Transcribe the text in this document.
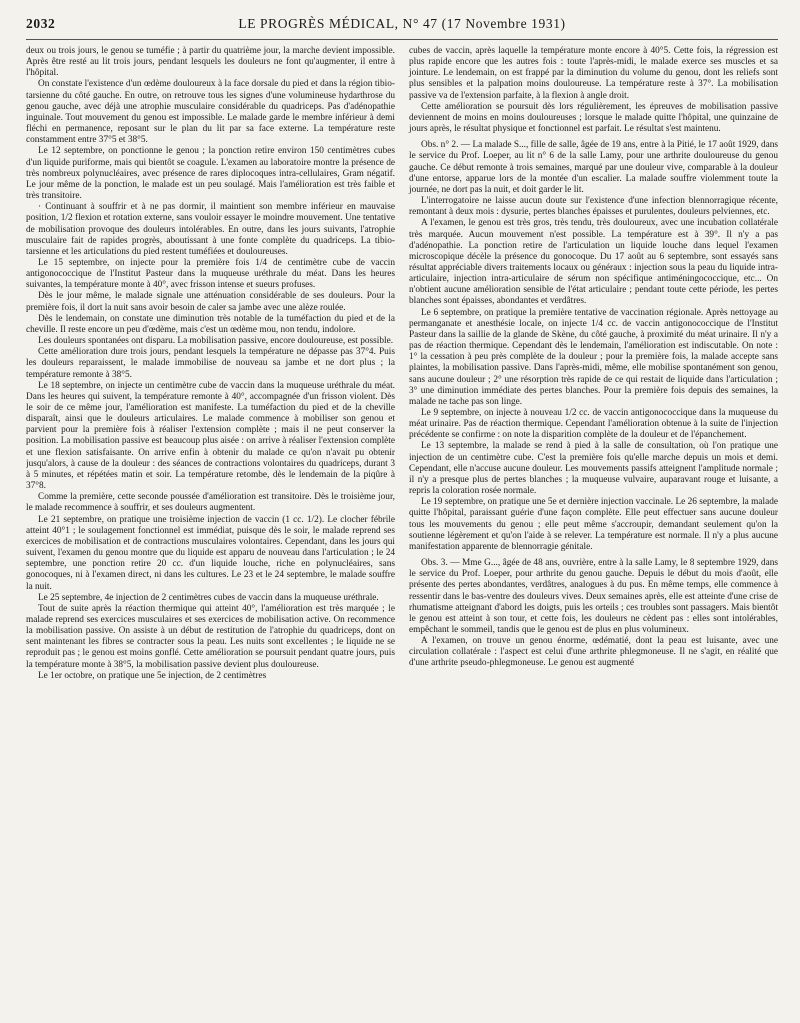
2032	LE PROGRÈS MÉDICAL, N° 47 (17 Novembre 1931)

deux ou trois jours, le genou se tuméfie ; à partir du quatrième jour, la marche devient impossible. Après être resté au lit trois jours, pendant lesquels les douleurs ne font qu'augmenter, il entre à l'hôpital.

On constate l'existence d'un œdème douloureux à la face dorsale du pied et dans la région tibio-tarsienne du côté gauche. En outre, on retrouve tous les signes d'une volumineuse hydarthrose du genou gauche, avec déjà une atrophie musculaire considérable du quadriceps. Pas d'adénopathie inguinale. Tout mouvement du genou est impossible. Le malade garde le membre inférieur à demi fléchi en permanence, reposant sur le plan du lit par sa face externe. La température reste constamment entre 37°5 et 38°5.

Le 12 septembre, on ponctionne le genou ; la ponction retire environ 150 centimètres cubes d'un liquide puriforme, mais qui bientôt se coagule. L'examen au laboratoire montre la présence de très nombreux polynucléaires, avec présence de rares diplocoques intra-cellulaires, Gram négatif. Le jour même de la ponction, le malade est un peu soulagé. Mais l'amélioration est très faible et très transitoire.

· Continuant à souffrir et à ne pas dormir, il maintient son membre inférieur en mauvaise position, 1/2 flexion et rotation externe, sans vouloir essayer le moindre mouvement. Une tentative de mobilisation provoque des douleurs intolérables. En outre, dans les jours suivants, l'atrophie musculaire fait de rapides progrès, aboutissant à une fonte complète du quadriceps. La tibio-tarsienne et les articulations du pied restent tuméfiées et douloureuses.

Le 15 septembre, on injecte pour la première fois 1/4 de centimètre cube de vaccin antigonococcique de l'Institut Pasteur dans la muqueuse uréthrale du méat. Dans les heures suivantes, la température monte à 40°, avec frisson intense et sueurs profuses.

Dès le jour même, le malade signale une atténuation considérable de ses douleurs. Pour la première fois, il dort la nuit sans avoir besoin de caler sa jambe avec une alèze roulée.

Dès le lendemain, on constate une diminution très notable de la tuméfaction du pied et de la cheville. Il reste encore un peu d'œdème, mais c'est un œdème mou, non tendu, indolore.

Les douleurs spontanées ont disparu. La mobilisation passive, encore douloureuse, est possible.

Cette amélioration dure trois jours, pendant lesquels la température ne dépasse pas 37°4. Puis les douleurs reparaissent, le malade immobilise de nouveau sa jambe et ne dort plus ; la température remonte à 38°5.

Le 18 septembre, on injecte un centimètre cube de vaccin dans la muqueuse uréthrale du méat. Dans les heures qui suivent, la température remonte à 40°, accompagnée d'un frisson violent. Dès le soir de ce même jour, l'amélioration est manifeste. La tuméfaction du pied et de la cheville disparaît, ainsi que le douleurs articulaires. Le malade commence à mobiliser son genou et parvient pour la première fois à réaliser l'extension complète ; mais il ne peut conserver la position. La mobilisation passive est beaucoup plus aisée : on arrive à réaliser l'extension complète et une flexion satisfaisante. On arrive enfin à obtenir du malade ce qu'on n'avait pu obtenir jusqu'alors, à cause de la douleur : des séances de contractions volontaires du quadriceps, durant 3 à 5 minutes, et répétées matin et soir. La température retombe, dès le lendemain de la piqûre à 37°8.

Comme la première, cette seconde poussée d'amélioration est transitoire. Dès le troisième jour, le malade recommence à souffrir, et ses douleurs augmentent.

Le 21 septembre, on pratique une troisième injection de vaccin (1 cc. 1/2). Le clocher fébrile atteint 40°1 ; le soulagement fonctionnel est immédiat, puisque dès le soir, le malade reprend ses exercices de mobilisation et de contractions musculaires volontaires. Cependant, dans les jours qui suivent, l'examen du genou montre que du liquide est apparu de nouveau dans l'articulation ; le 24 septembre, une ponction retire 20 cc. d'un liquide louche, riche en polynucléaires, sans gonocoques, ni à l'examen direct, ni dans les cultures. Le 23 et le 24 septembre, le malade souffre la nuit.

Le 25 septembre, 4e injection de 2 centimètres cubes de vaccin dans la muqueuse uréthrale.

Tout de suite après la réaction thermique qui atteint 40°, l'amélioration est très marquée ; le malade reprend ses exercices musculaires et ses exercices de mobilisation active. On recommence la mobilisation passive. On assiste à un début de restitution de l'atrophie du quadriceps, dont on sent maintenant les fibres se contracter sous la peau. Les nuits sont excellentes ; le liquide ne se reproduit pas ; le genou est moins gonflé. Cette amélioration se poursuit pendant quatre jours, puis la température monte à 38°5, la mobilisation passive devient plus douloureuse.

Le 1er octobre, on pratique une 5e injection, de 2 centimètres

cubes de vaccin, après laquelle la température monte encore à 40°5. Cette fois, la régression est plus rapide encore que les autres fois : toute l'après-midi, le malade exerce ses muscles et sa jointure. Le lendemain, on est frappé par la diminution du volume du genou, dont les reliefs sont plus sensibles et la palpation moins douloureuse. La température reste à 37°. La mobilisation passive va de l'extension parfaite, à la flexion à angle droit.

Cette amélioration se poursuit dès lors régulièrement, les épreuves de mobilisation passive deviennent de moins en moins douloureuses ; lorsque le malade quitte l'hôpital, une quinzaine de jours après, le résultat physique et fonctionnel est parfait. Le résultat s'est maintenu.

Obs. n° 2. — La malade S..., fille de salle, âgée de 19 ans, entre à la Pitié, le 17 août 1929, dans le service du Prof. Loeper, au lit n° 6 de la salle Lamy, pour une arthrite douloureuse du genou gauche. Ce début remonte à trois semaines, marqué par une douleur vive, comparable à la douleur d'une entorse, apparue lors de la montée d'un escalier. La malade souffre violemment toute la journée, ne dort pas la nuit, et doit garder le lit.

L'interrogatoire ne laisse aucun doute sur l'existence d'une infection blennorragique récente, remontant à deux mois : dysurie, pertes blanches épaisses et purulentes, douleurs pelviennes, etc.

A l'examen, le genou est très gros, très tendu, très douloureux, avec une incubation collatérale très marquée. Aucun mouvement n'est possible. La température est à 39°. Il n'y a pas d'adénopathie. La ponction retire de l'articulation un liquide louche dans lequel l'examen microscopique décèle la présence du gonocoque. Du 17 août au 6 septembre, sont essayés sans résultat appréciable divers traitements locaux ou généraux : injection sous la peau du liquide intra-articulaire, injection intra-articulaire de sérum non spécifique antiméningococcique, etc... On n'obtient aucune amélioration sensible de l'état articulaire ; pendant toute cette période, les pertes blanches sont épaisses, abondantes et verdâtres.

Le 6 septembre, on pratique la première tentative de vaccination régionale. Après nettoyage au permanganate et anesthésie locale, on injecte 1/4 cc. de vaccin antigonococcique de l'Institut Pasteur dans la saillie de la glande de Skène, du côté gauche, à proximité du méat urinaire. Il n'y a pas de réaction thermique. Cependant dès le lendemain, l'amélioration est indiscutable. On note : 1° la cessation à peu près complète de la douleur ; pour la première fois, la malade accepte sans plaintes, la mobilisation passive. Dans l'après-midi, même, elle mobilise spontanément son genou, sans aucune douleur ; 2° une résorption très rapide de ce qui restait de liquide dans l'articulation ; 3° une diminution immédiate des pertes blanches. Pour la première fois depuis des semaines, la malade ne tache pas son linge.

Le 9 septembre, on injecte à nouveau 1/2 cc. de vaccin antigonococcique dans la muqueuse du méat urinaire. Pas de réaction thermique. Cependant l'amélioration obtenue à la suite de l'injection précédente se confirme : on note la disparition complète de la douleur et de l'épanchement.

Le 13 septembre, la malade se rend à pied à la salle de consultation, où l'on pratique une injection de un centimètre cube. C'est la première fois qu'elle marche depuis un mois et demi. Cependant, elle n'accuse aucune douleur. Les mouvements passifs atteignent l'amplitude normale ; il n'y a presque plus de pertes blanches ; la muqueuse vulvaire, auparavant rouge et luisante, a repris la coloration rosée normale.

Le 19 septembre, on pratique une 5e et dernière injection vaccinale. Le 26 septembre, la malade quitte l'hôpital, paraissant guérie d'une façon complète. Elle peut effectuer sans aucune douleur tous les mouvements du genou ; elle peut même s'accroupir, demandant seulement qu'on la soutienne légèrement et qu'on l'aide à se relever. La température est normale. Il n'y a plus aucune manifestation apparente de blennorragie génitale.

Obs. 3. — Mme G..., âgée de 48 ans, ouvrière, entre à la salle Lamy, le 8 septembre 1929, dans le service du Prof. Loeper, pour arthrite du genou gauche. Depuis le début du mois d'août, elle présente des pertes abondantes, verdâtres, analogues à du pus. En même temps, elle commence à ressentir dans le bas-ventre des douleurs vives. Deux semaines après, elle est atteinte d'une crise de rhumatisme atteignant d'abord les doigts, puis les orteils ; ces troubles sont passagers. Mais bientôt le genou est atteint à son tour, et cette fois, les douleurs ne cèdent pas : elles sont intolérables, empêchant le sommeil, tandis que le genou est de plus en plus volumineux.

A l'examen, on trouve un genou énorme, œdématié, dont la peau est luisante, avec une circulation collatérale : l'aspect est celui d'une arthrite phlegmoneuse. Il ne s'agit, en réalité que d'une arthrite pseudo-phlegmoneuse. Le genou est augmenté
